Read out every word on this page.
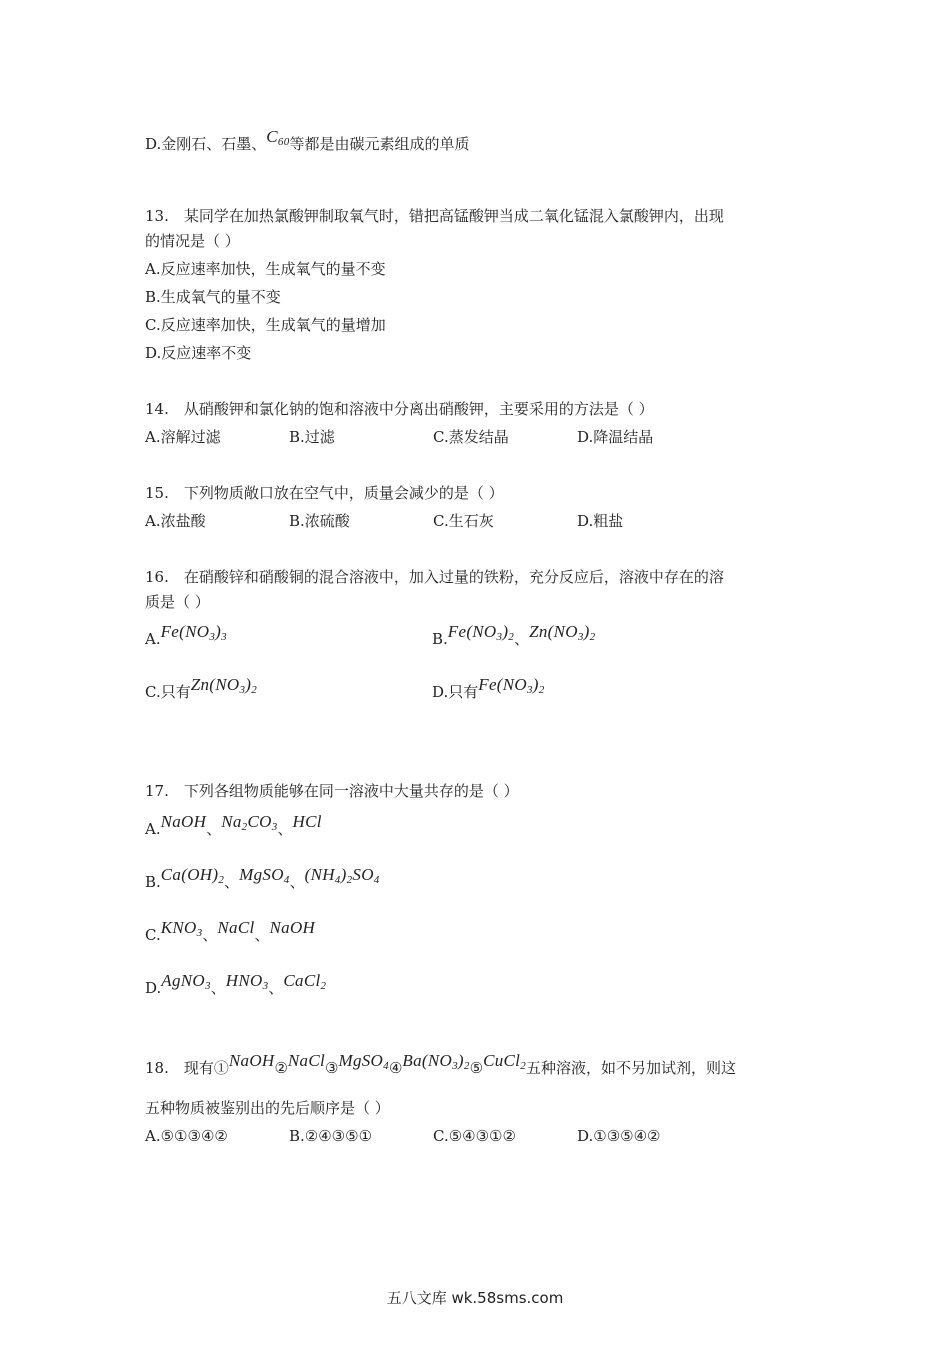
D.金刚石、石墨、$C_{60}$等都是由碳元素组成的单质
13.　某同学在加热氯酸钾制取氧气时，错把高锰酸钾当成二氧化锰混入氯酸钾内，出现
的情况是（ ）
A.反应速率加快，生成氧气的量不变
B.生成氧气的量不变
C.反应速率加快，生成氧气的量增加
D.反应速率不变
14.　从硝酸钾和氯化钠的饱和溶液中分离出硝酸钾，主要采用的方法是（ ）
A.溶解过滤	B.过滤	C.蒸发结晶	D.降温结晶
15.　下列物质敞口放在空气中，质量会减少的是（ ）
A.浓盐酸	B.浓硫酸	C.生石灰	D.粗盐
16.　在硝酸锌和硝酸铜的混合溶液中，加入过量的铁粉，充分反应后，溶液中存在的溶
质是（ ）
$A.Fe(NO_3)_3$	$B.Fe(NO_3)_2$、$Zn(NO_3)_2$
C.只有$Zn(NO_3)_2$	D.只有$Fe(NO_3)_2$
17.　下列各组物质能够在同一溶液中大量共存的是（ ）
A.NaOH、$Na_2CO_3$、HCl
$B.Ca(OH)_2$、MgSO$_4$、$(NH_4)_2SO_4$
$C.KNO_3$、NaCl、NaOH
D.AgNO$_3$、$HNO_3$、CaCl$_2$
18.　现有$①NaOH②NaCl③MgSO_4④Ba(NO_3)_2⑤CuCl_2$五种溶液，如不另加试剂，则这
五种物质被鉴别出的先后顺序是（ ）
A.⑤①③④②	B.②④③⑤①	C.⑤④③①②	D.①③⑤④②
五八文库 wk.58sms.com
